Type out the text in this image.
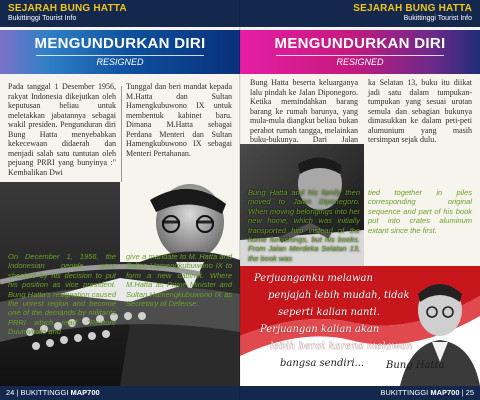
SEJARAH BUNG HATTA
Bukittinggi Tourist Info
MENGUNDURKAN DIRI
RESIGNED
Pada tanggal 1 Desember 1956, rakyat Indonesia dikejutkan oleh keputusan beliau untuk meletakkan jabatannya sebagai wakil presiden. Pengunduran diri Bung Hatta menyebabkan kekecewaan didaerah dan menjadi salah satu tuntutan oleh pejuang PRRI yang bunyinya :" Kembalikan Dwi
Tunggal dan beri mandat kepada M.Hatta dan Sultan Hamengkubuwono IX untuk membentuk kabinet baru. Dimana M.Hatta sebagai Perdana Menteri dan Sultan Hamengkubuwono IX sebagai Menteri Pertahanan.
On December 1, 1956, the Indonesian people were shocked by his decision to put his position as vice president. Bung Hatta's resignation caused the unrest region and become one of the demands by militants PRRI which read: "Restore Duumvirate and
give a mandate to M. Hatta and Sultan Hamengkubuwono IX to form a new cabinet. Where M.Hatta as Prime Minister and Sultan Hamengkubuwono IX as Secretary of Defense.
24 | BUKITTINGGI MAP700
SEJARAH BUNG HATTA
Bukittinggi Tourist Info
MENGUNDURKAN DIRI
RESIGNED
Bung Hatta beserta keluarganya lalu pindah ke Jalan Diponegoro. Ketika memindahkan barang barang ke rumah barunya, yang mula-mula diangkut beliau bukan perabot rumah tangga, melainkan buku-bukunya. Dari Jalan
ka Selatan 13, buku itu diikat jadi satu dalam tumpukan-tumpukan yang sesuai urutan semula dan sebagian bukunya dimasukkan ke dalam peti-peti alumunium yang masih tersimpan sejak dulu.
Bung Hatta and his family then moved to Jalan Diponegoro. When moving belongings into her new home, which was initially transported him instead of the home furnishings, but his books. From Jalan Merdeka Selatan 13, the book was
tied together in piles corresponding original sequence and part of his book put into crates aluminum extant since the first.
Perjuanganku melawan
penjajah lebih mudah, tidak
seperti kalian nanti.
Perjuangan kalian akan
lebih berat karena melawan
bangsa sendiri...	Bung Hatta
BUKITTINGGI MAP700 | 25
